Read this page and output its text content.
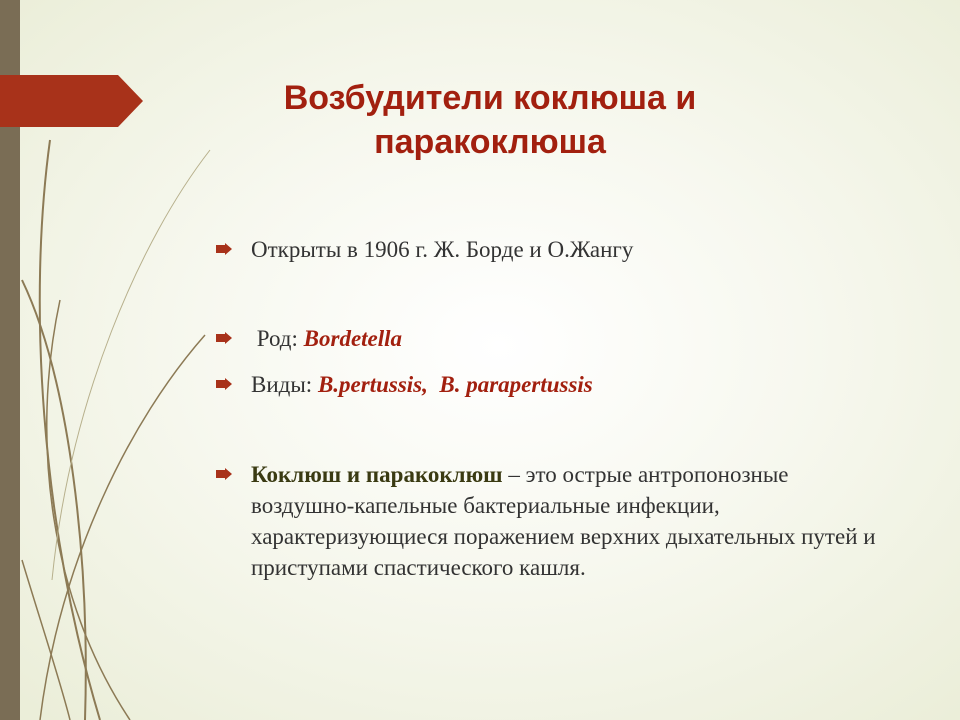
Возбудители коклюша и
паракоклюша
Открыты в 1906 г. Ж. Борде и О.Жангу
Род: Bordetella
Виды: B.pertussis,  B. parapertussis
Коклюш и паракоклюш – это острые антропонозные воздушно-капельные бактериальные инфекции, характеризующиеся поражением верхних дыхательных путей и приступами спастического кашля.
